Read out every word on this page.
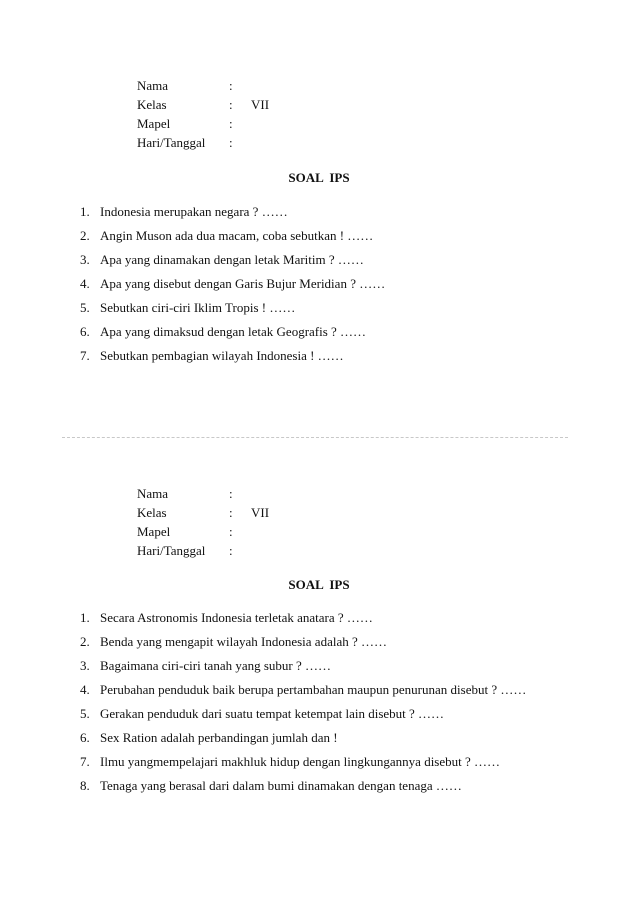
Nama	:
Kelas	:	VII
Mapel	:
Hari/Tanggal	:
SOAL IPS
1. Indonesia merupakan negara ? ……
2. Angin Muson ada dua macam, coba sebutkan ! ……
3. Apa yang dinamakan dengan letak Maritim ? ……
4. Apa yang disebut dengan Garis Bujur Meridian ? ……
5. Sebutkan ciri-ciri Iklim Tropis ! ……
6. Apa yang dimaksud dengan letak Geografis ? ……
7. Sebutkan pembagian wilayah Indonesia ! ……
Nama	:
Kelas	:	VII
Mapel	:
Hari/Tanggal	:
SOAL IPS
1. Secara Astronomis Indonesia terletak anatara ? ……
2. Benda yang mengapit wilayah Indonesia adalah ? ……
3. Bagaimana ciri-ciri tanah yang subur ? ……
4. Perubahan penduduk baik berupa pertambahan maupun penurunan disebut ? ……
5. Gerakan penduduk dari suatu tempat ketempat lain disebut ? ……
6. Sex Ration adalah perbandingan jumlah dan !
7. Ilmu yangmempelajari makhluk hidup dengan lingkungannya disebut ? ……
8. Tenaga yang berasal dari dalam bumi dinamakan dengan tenaga ……
